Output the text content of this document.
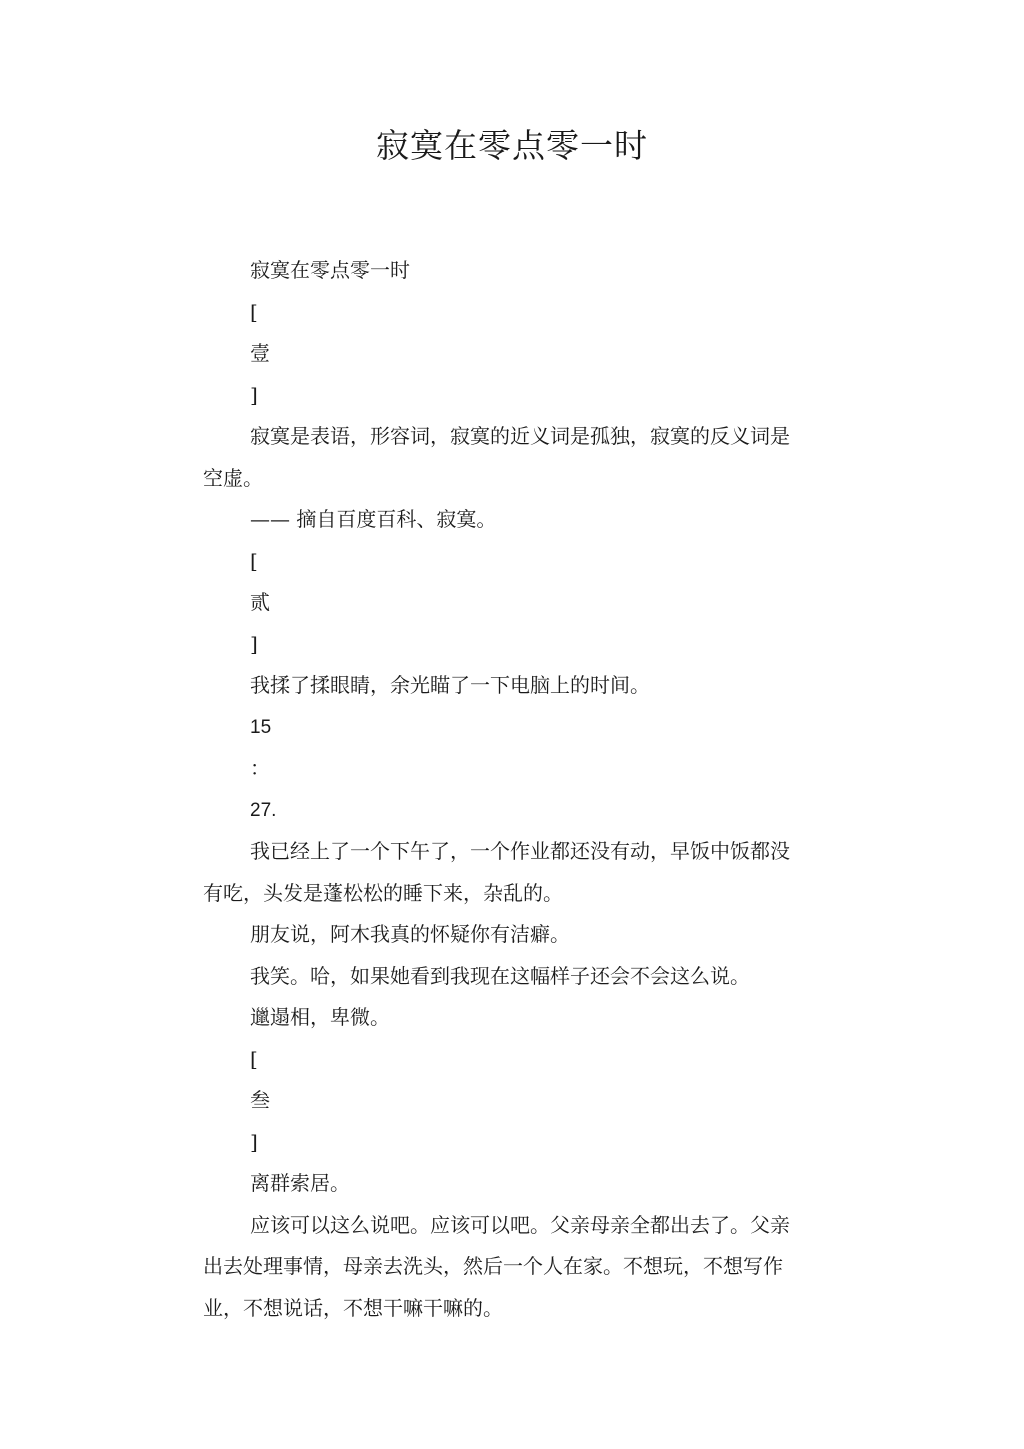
寂寞在零点零一时

寂寞在零点零一时

[

壹

]

寂寞是表语，形容词，寂寞的近义词是孤独，寂寞的反义词是空虚。

—— 摘自百度百科、寂寞。

[

贰

]

我揉了揉眼睛，余光瞄了一下电脑上的时间。

15

：

27.

我已经上了一个下午了，一个作业都还没有动，早饭中饭都没有吃，头发是蓬松松的睡下来，杂乱的。

朋友说，阿木我真的怀疑你有洁癖。

我笑。哈，如果她看到我现在这幅样子还会不会这么说。

邋遢相，卑微。

[

叁

]

离群索居。

应该可以这么说吧。应该可以吧。父亲母亲全都出去了。父亲出去处理事情，母亲去洗头，然后一个人在家。不想玩，不想写作业，不想说话，不想干嘛干嘛的。
